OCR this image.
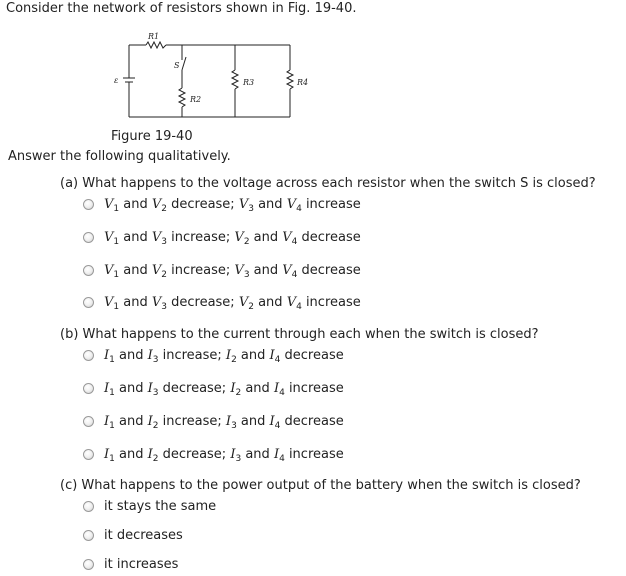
Consider the network of resistors shown in Fig. 19-40.
R1
S
ε
R2
R3	R4
Figure 19-40
Answer the following qualitatively.
(a) What happens to the voltage across each resistor when the switch S is closed?
$V_1$ and $V_2$ decrease; $V_3$ and $V_4$ increase
$V_1$ and $V_3$ increase; $V_2$ and $V_4$ decrease
$V_1$ and $V_2$ increase; $V_3$ and $V_4$ decrease
$V_1$ and $V_3$ decrease; $V_2$ and $V_4$ increase
(b) What happens to the current through each when the switch is closed?
$I_1$ and $I_3$ increase; $I_2$ and $I_4$ decrease
$I_1$ and $I_3$ decrease; $I_2$ and $I_4$ increase
$I_1$ and $I_2$ increase; $I_3$ and $I_4$ decrease
$I_1$ and $I_2$ decrease; $I_3$ and $I_4$ increase
(c) What happens to the power output of the battery when the switch is closed?
it stays the same
it decreases
it increases
